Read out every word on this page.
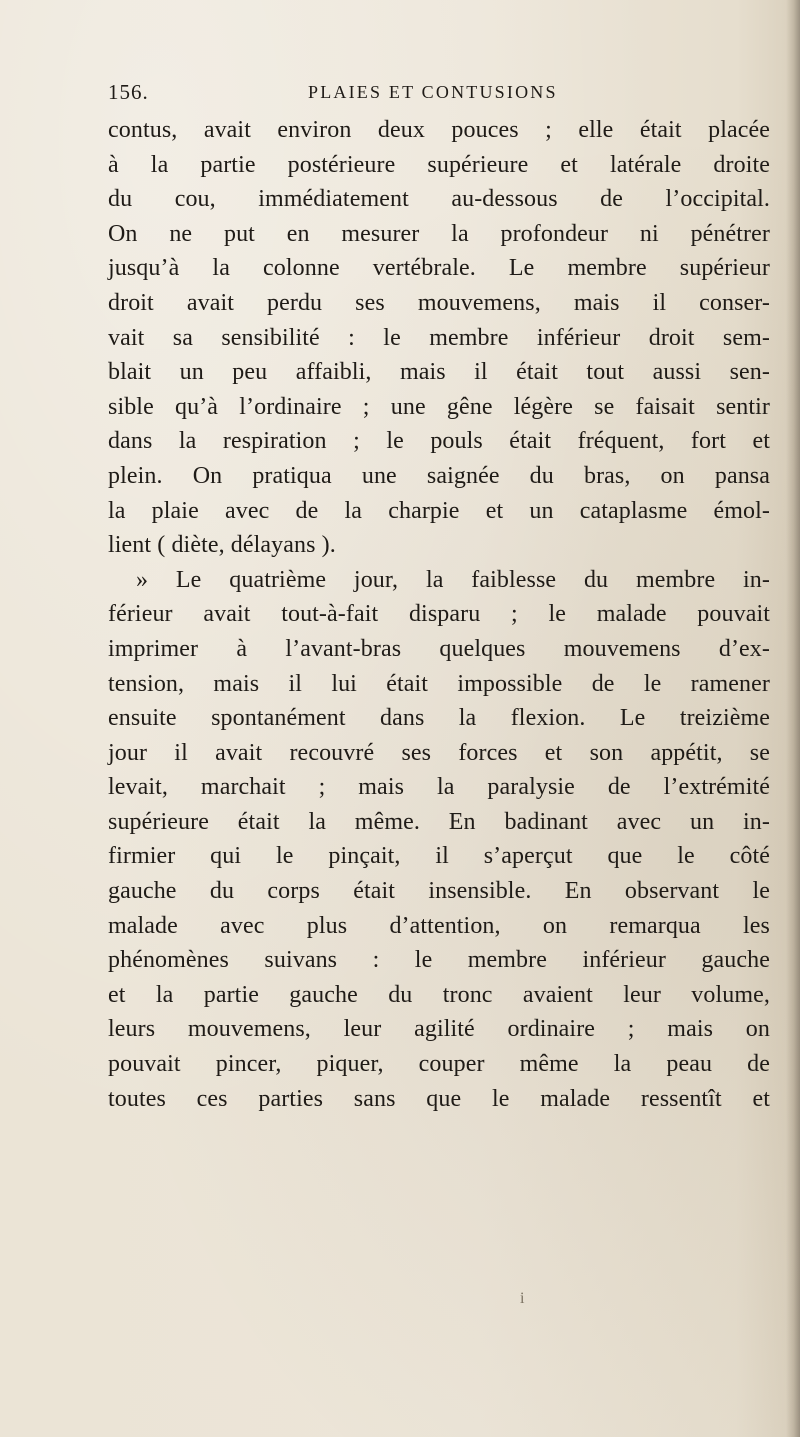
156.	PLAIES ET CONTUSIONS
contus, avait environ deux pouces ; elle était placée
à la partie postérieure supérieure et latérale droite
du cou, immédiatement au-dessous de l’occipital.
On ne put en mesurer la profondeur ni pénétrer
jusqu’à la colonne vertébrale. Le membre supérieur
droit avait perdu ses mouvemens, mais il conser-
vait sa sensibilité : le membre inférieur droit sem-
blait un peu affaibli, mais il était tout aussi sen-
sible qu’à l’ordinaire ; une gêne légère se faisait sentir
dans la respiration ; le pouls était fréquent, fort et
plein. On pratiqua une saignée du bras, on pansa
la plaie avec de la charpie et un cataplasme émol-
lient ( diète, délayans ).
» Le quatrième jour, la faiblesse du membre in-
férieur avait tout-à-fait disparu ; le malade pouvait
imprimer à l’avant-bras quelques mouvemens d’ex-
tension, mais il lui était impossible de le ramener
ensuite spontanément dans la flexion. Le treizième
jour il avait recouvré ses forces et son appétit, se
levait, marchait ; mais la paralysie de l’extrémité
supérieure était la même. En badinant avec un in-
firmier qui le pinçait, il s’aperçut que le côté
gauche du corps était insensible. En observant le
malade avec plus d’attention, on remarqua les
phénomènes suivans : le membre inférieur gauche
et la partie gauche du tronc avaient leur volume,
leurs mouvemens, leur agilité ordinaire ; mais on
pouvait pincer, piquer, couper même la peau de
toutes ces parties sans que le malade ressentît et
i
